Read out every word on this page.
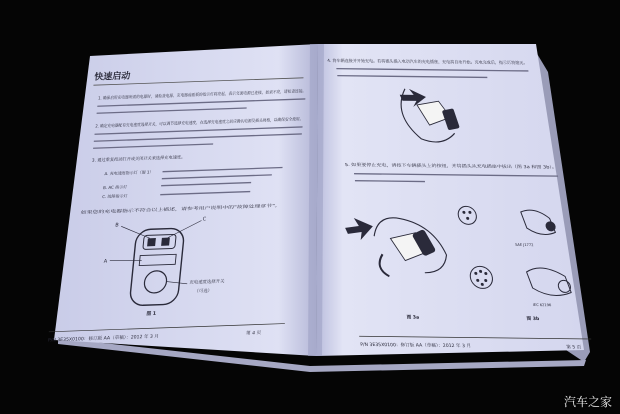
快速启动
1. 确保启用充电器所需的电源时，请检查电源，充电器前面板的指示灯将亮起，表示交流电源已连接。如果不亮，请检查连接。
2. 确定充电器配有充电速度选择开关，可以调节选择充电速度，在选择充电速度之前应确认电源及插头规格，以确保安全使用。
3. 通过重复按动打开或关闭开关来选择充电速度。
A. 充电速度指示灯（图 1）
B. AC 指示灯
C. 故障指示灯
如果您的充电器指示不符合以上描述，请参考用户说明中的"故障处理章节"。
B
C
A
充电速度选择开关
（可选）
图 1
P/N 3E35X0100：修订版 AA（草稿）：2012 年 3 月
第 4 页
4. 将车辆连接并开始充电。若将插头插入电动汽车的充电插座，充电将自动开始。充电完成后，指示灯将熄灭。
5. 如果要停止充电，请按下车辆插头上的按钮，并将插头从充电插座中拔出（图 3a 和图 3b）。
SAE J1772
IEC 62196
图 3a	图 3b
P/N 3E35X0100：修订版 AA（草稿）：2012 年 3 月	第 5 页
汽车之家
